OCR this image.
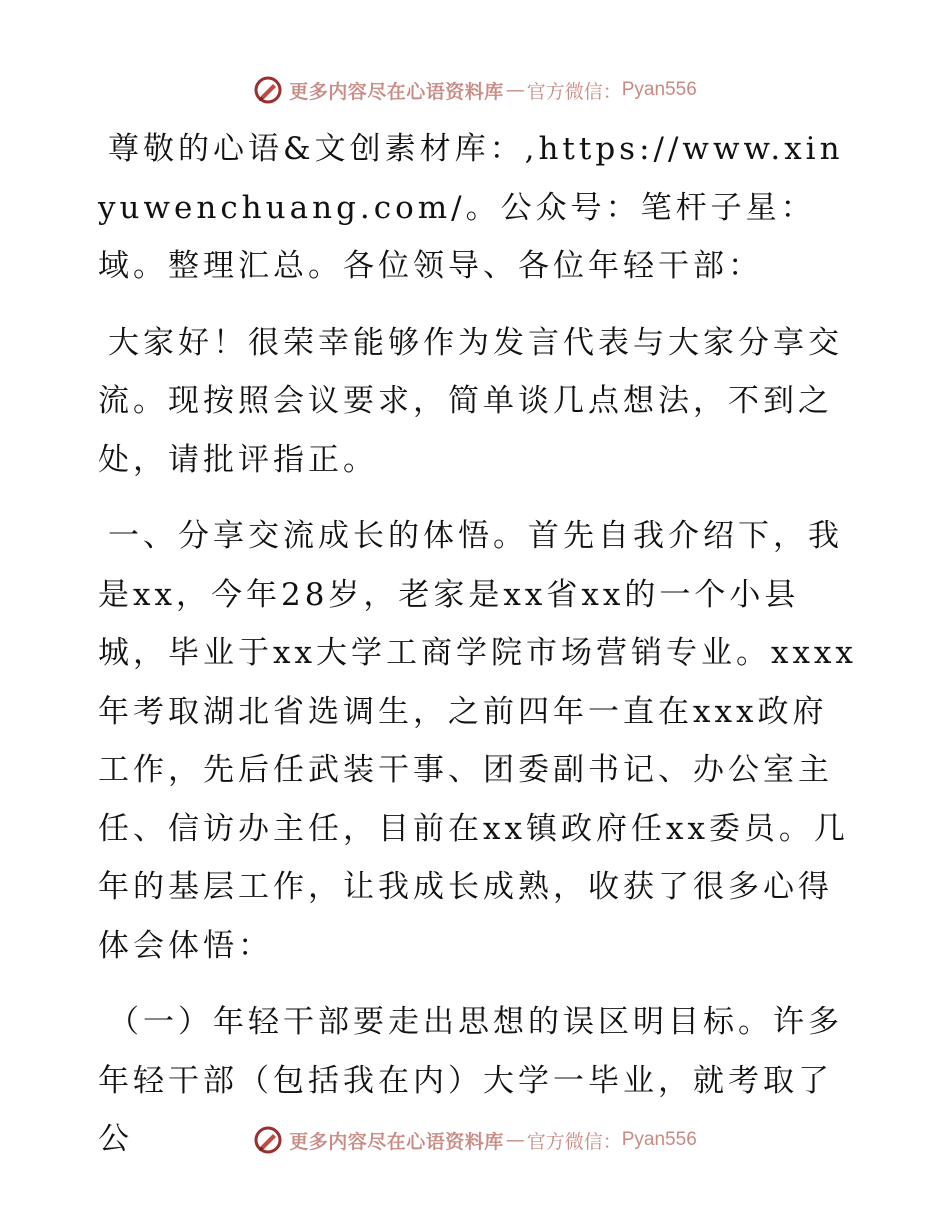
更多内容尽在心语资料库 — 官方微信： Pyan556

尊敬的心语&文创素材库：,https://www.xinyuwenchuang.com/。公众号：笔杆子星：域。整理汇总。各位领导、各位年轻干部：

大家好！很荣幸能够作为发言代表与大家分享交流。现按照会议要求，简单谈几点想法，不到之处，请批评指正。

一、分享交流成长的体悟。首先自我介绍下，我是xx，今年28岁，老家是xx省xx的一个小县城，毕业于xx大学工商学院市场营销专业。xxxx年考取湖北省选调生，之前四年一直在xxx政府工作，先后任武装干事、团委副书记、办公室主任、信访办主任，目前在xx镇政府任xx委员。几年的基层工作，让我成长成熟，收获了很多心得体会体悟：

（一）年轻干部要走出思想的误区明目标。许多年轻干部（包括我在内）大学一毕业，就考取了公	更多内容尽在心语资料库 — 官方微信： Pyan556
